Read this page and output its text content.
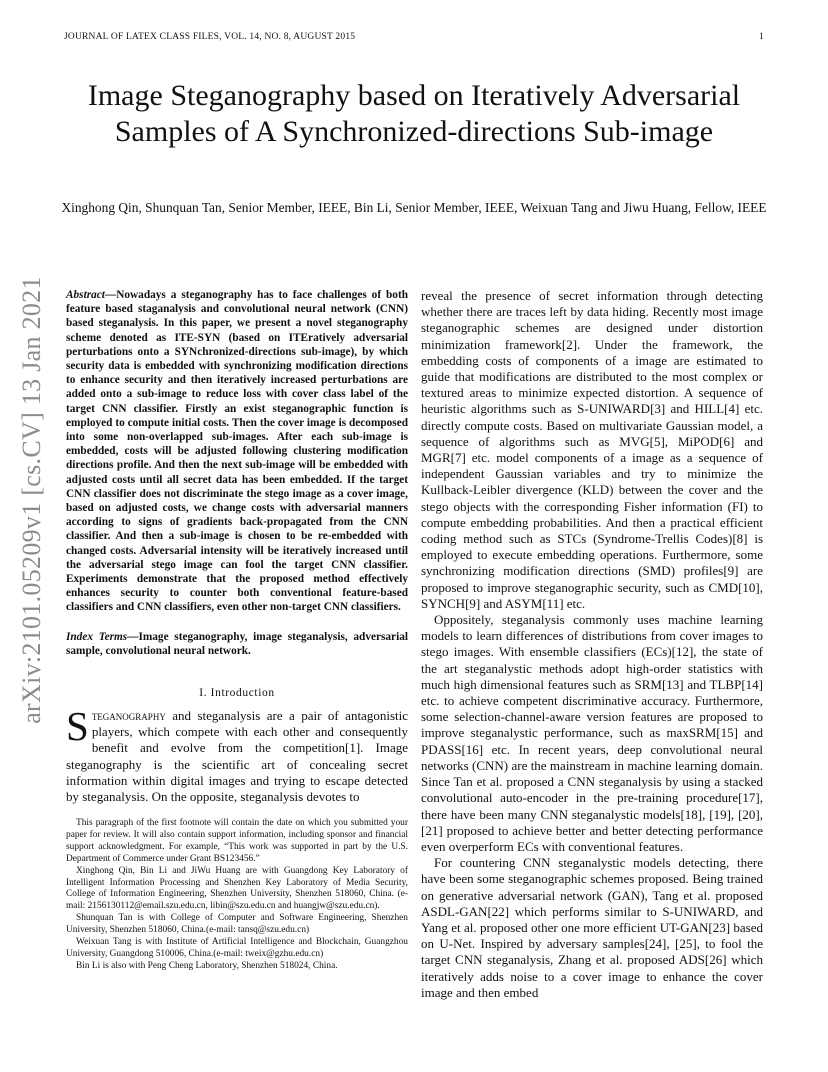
JOURNAL OF LATEX CLASS FILES, VOL. 14, NO. 8, AUGUST 2015	1
Image Steganography based on Iteratively Adversarial Samples of A Synchronized-directions Sub-image
Xinghong Qin, Shunquan Tan, Senior Member, IEEE, Bin Li, Senior Member, IEEE, Weixuan Tang and Jiwu Huang, Fellow, IEEE
arXiv:2101.05209v1 [cs.CV] 13 Jan 2021 Abstract—Nowadays a steganography has to face challenges of both feature based staganalysis and convolutional neural network (CNN) based steganalysis. In this paper, we present a novel steganography scheme denoted as ITE-SYN (based on ITEratively adversarial perturbations onto a SYNchronized-directions sub-image), by which security data is embedded with synchronizing modification directions to enhance security and then iteratively increased perturbations are added onto a sub-image to reduce loss with cover class label of the target CNN classifier. Firstly an exist steganographic function is employed to compute initial costs. Then the cover image is decomposed into some non-overlapped sub-images. After each sub-image is embedded, costs will be adjusted following clustering modification directions profile. And then the next sub-image will be embedded with adjusted costs until all secret data has been embedded. If the target CNN classifier does not discriminate the stego image as a cover image, based on adjusted costs, we change costs with adversarial manners according to signs of gradients back-propagated from the CNN classifier. And then a sub-image is chosen to be re-embedded with changed costs. Adversarial intensity will be iteratively increased until the adversarial stego image can fool the target CNN classifier. Experiments demonstrate that the proposed method effectively enhances security to counter both conventional feature-based classifiers and CNN classifiers, even other non-target CNN classifiers.
Index Terms—Image steganography, image steganalysis, adversarial sample, convolutional neural network.
I. Introduction
Steganography and steganalysis are a pair of antagonistic players, which compete with each other and consequently benefit and evolve from the competition[1]. Image steganography is the scientific art of concealing secret information within digital images and trying to escape detected by steganalysis. On the opposite, steganalysis devotes to

This paragraph of the first footnote will contain the date on which you submitted your paper for review. It will also contain support information, including sponsor and financial support acknowledgment. For example, “This work was supported in part by the U.S. Department of Commerce under Grant BS123456.”

Xinghong Qin, Bin Li and JiWu Huang are with Guangdong Key Laboratory of Intelligent Information Processing and Shenzhen Key Laboratory of Media Security, College of Information Engineering, Shenzhen University, Shenzhen 518060, China. (e-mail: 2156130112@email.szu.edu.cn, libin@szu.edu.cn and huangjw@szu.edu.cn).

Shunquan Tan is with College of Computer and Software Engineering, Shenzhen University, Shenzhen 518060, China.(e-mail: tansq@szu.edu.cn)

Weixuan Tang is with Institute of Artificial Intelligence and Blockchain, Guangzhou University, Guangdong 510006, China.(e-mail: tweix@gzhu.edu.cn)

Bin Li is also with Peng Cheng Laboratory, Shenzhen 518024, China.

reveal the presence of secret information through detecting whether there are traces left by data hiding. Recently most image steganographic schemes are designed under distortion minimization framework[2]. Under the framework, the embedding costs of components of a image are estimated to guide that modifications are distributed to the most complex or textured areas to minimize expected distortion. A sequence of heuristic algorithms such as S-UNIWARD[3] and HILL[4] etc. directly compute costs. Based on multivariate Gaussian model, a sequence of algorithms such as MVG[5], MiPOD[6] and MGR[7] etc. model components of a image as a sequence of independent Gaussian variables and try to minimize the Kullback-Leibler divergence (KLD) between the cover and the stego objects with the corresponding Fisher information (FI) to compute embedding probabilities. And then a practical efficient coding method such as STCs (Syndrome-Trellis Codes)[8] is employed to execute embedding operations. Furthermore, some synchronizing modification directions (SMD) profiles[9] are proposed to improve steganographic security, such as CMD[10], SYNCH[9] and ASYM[11] etc.

Oppositely, steganalysis commonly uses machine learning models to learn differences of distributions from cover images to stego images. With ensemble classifiers (ECs)[12], the state of the art steganalystic methods adopt high-order statistics with much high dimensional features such as SRM[13] and TLBP[14] etc. to achieve competent discriminative accuracy. Furthermore, some selection-channel-aware version features are proposed to improve steganalystic performance, such as maxSRM[15] and PDASS[16] etc. In recent years, deep convolutional neural networks (CNN) are the mainstream in machine learning domain. Since Tan et al. proposed a CNN steganalysis by using a stacked convolutional auto-encoder in the pre-training procedure[17], there have been many CNN steganalystic models[18], [19], [20], [21] proposed to achieve better and better detecting performance even overperform ECs with conventional features.

For countering CNN steganalystic models detecting, there have been some steganographic schemes proposed. Being trained on generative adversarial network (GAN), Tang et al. proposed ASDL-GAN[22] which performs similar to S-UNIWARD, and Yang et al. proposed other one more efficient UT-GAN[23] based on U-Net. Inspired by adversary samples[24], [25], to fool the target CNN steganalysis, Zhang et al. proposed ADS[26] which iteratively adds noise to a cover image to enhance the cover image and then embed
